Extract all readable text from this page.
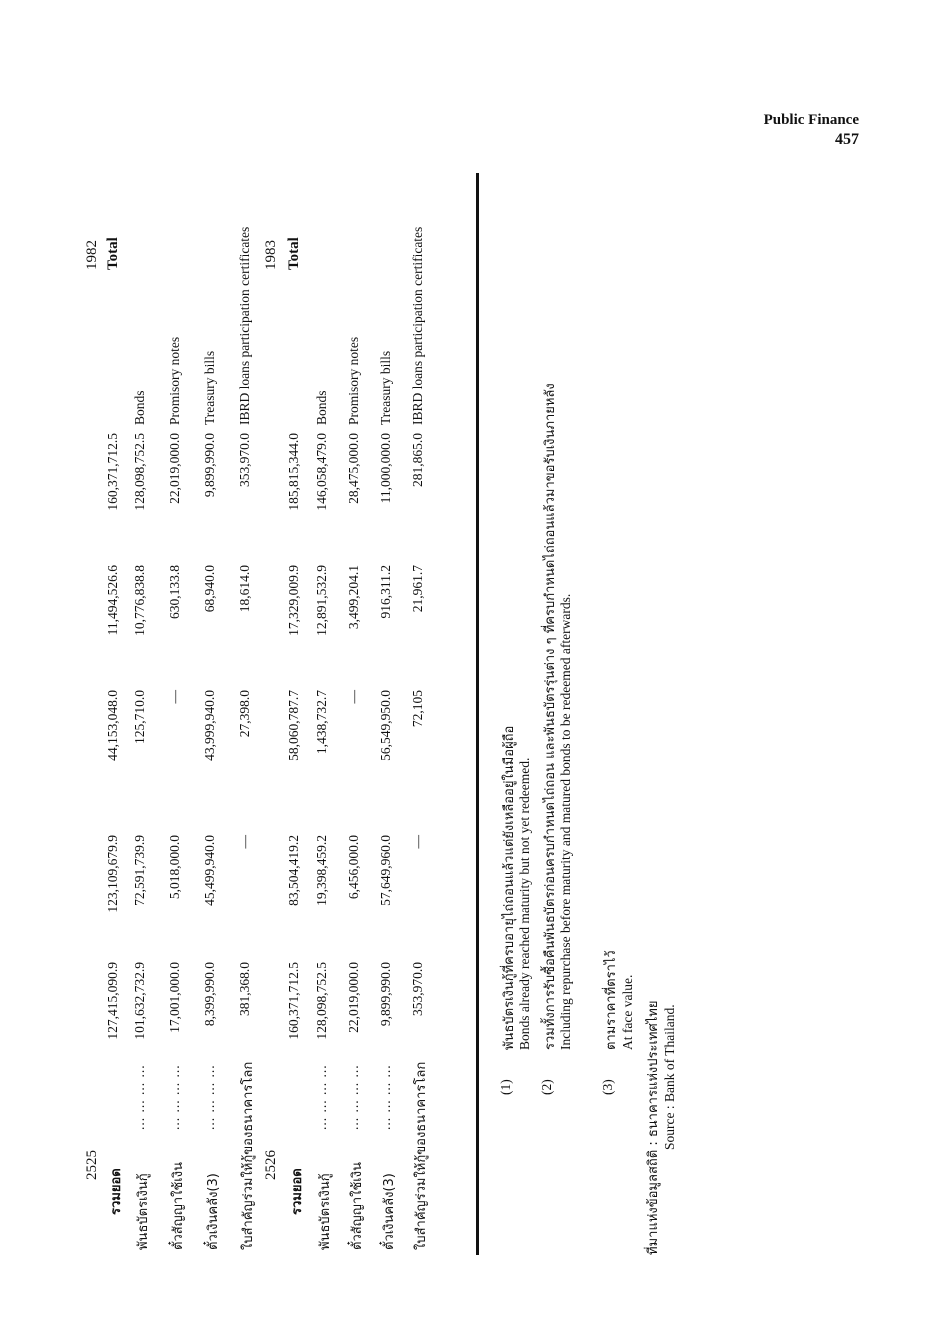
Public Finance
457
2525
1982
รวมยอด
127,415,090.9
123,109,679.9
44,153,048.0
11,494,526.6
160,371,712.5
Total
พันธบัตรเงินกู้
... ... ... ...
101,632,732.9
72,591,739.9
125,710.0
10,776,838.8
128,098,752.5
Bonds
ตั๋วสัญญาใช้เงิน
... ... ... ...
17,001,000.0
5,018,000.0
—
630,133.8
22,019,000.0
Promisory notes
ตั๋วเงินคลัง(3)
... ... ... ...
8,399,990.0
45,499,940.0
43,999,940.0
68,940.0
9,899,990.0
Treasury bills
ใบสำคัญร่วมให้กู้ของธนาคารโลก
381,368.0
—
27,398.0
18,614.0
353,970.0
IBRD loans participation certificates
2526
1983
รวมยอด
160,371,712.5
83,504,419.2
58,060,787.7
17,329,009.9
185,815,344.0
Total
พันธบัตรเงินกู้
... ... ... ...
128,098,752.5
19,398,459.2
1,438,732.7
12,891,532.9
146,058,479.0
Bonds
ตั๋วสัญญาใช้เงิน
... ... ... ...
22,019,000.0
6,456,000.0
—
3,499,204.1
28,475,000.0
Promisory notes
ตั๋วเงินคลัง(3)
... ... ... ...
9,899,990.0
57,649,960.0
56,549,950.0
916,311.2
11,000,000.0
Treasury bills
ใบสำคัญร่วมให้กู้ของธนาคารโลก
353,970.0
—
72,105
21,961.7
281,865.0
IBRD loans participation certificates
(1)
พันธบัตรเงินกู้ที่ครบอายุไถ่ถอนแล้วแต่ยังเหลืออยู่ในมือผู้ถือ Bonds already reached maturity but not yet redeemed.
(2)
รวมทั้งการรับซื้อคืนพันธบัตรก่อนครบกำหนดไถ่ถอน และพันธบัตรรุ่นต่าง ๆ ที่ครบกำหนดไถ่ถอนแล้วมาขอรับเงินภายหลัง Including repurchase before maturity and matured bonds to be redeemed afterwards.
(3)
ตามราคาที่ตราไว้ At face value. ที่มาแห่งข้อมูลสถิติ : ธนาคารแห่งประเทศไทย Source : Bank of Thailand.
